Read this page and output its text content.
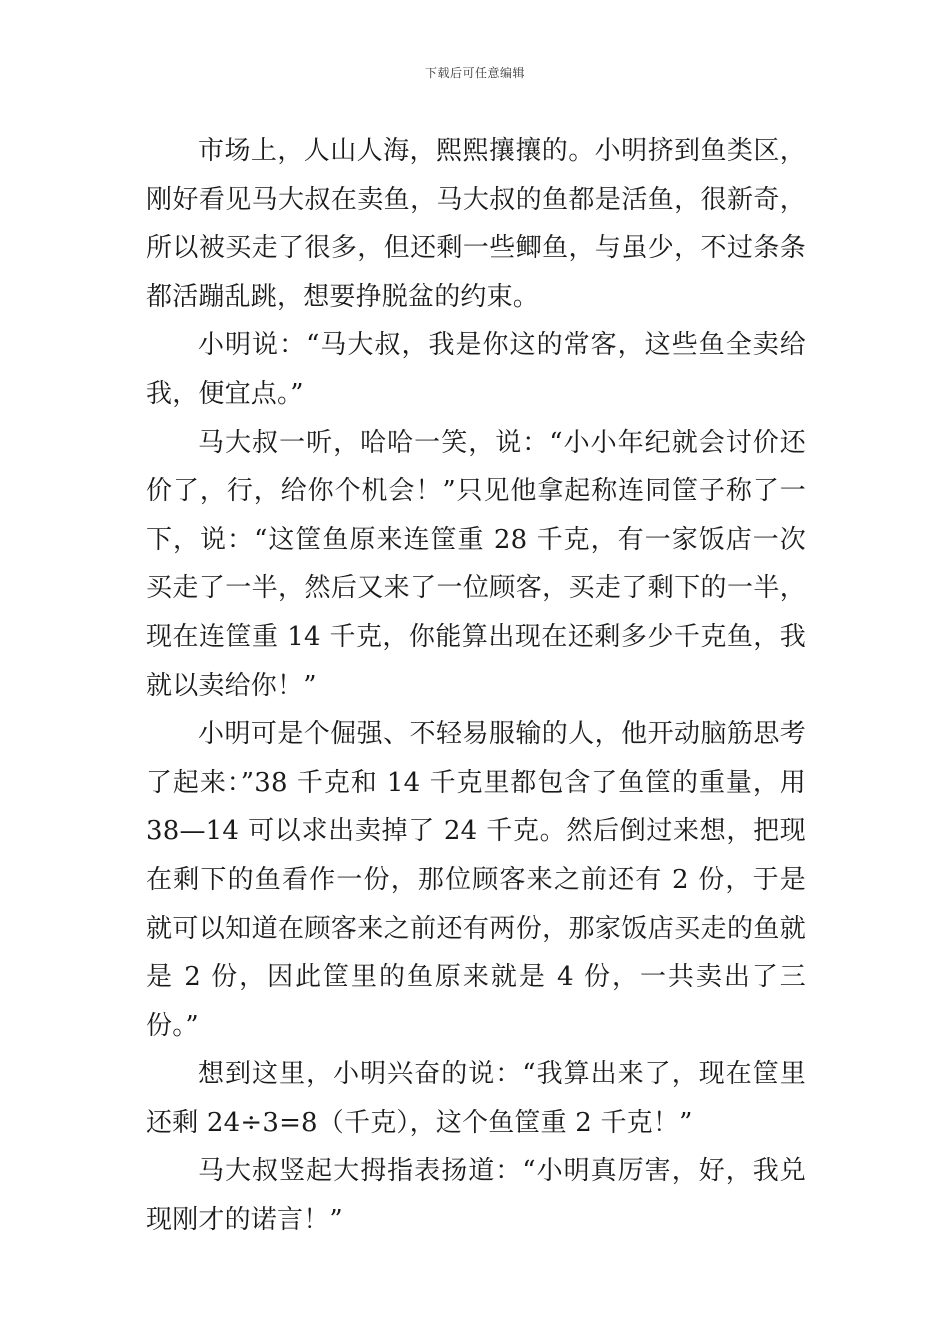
下载后可任意编辑

市场上，人山人海，熙熙攘攘的。小明挤到鱼类区，刚好看见马大叔在卖鱼，马大叔的鱼都是活鱼，很新奇，所以被买走了很多，但还剩一些鲫鱼，与虽少，不过条条都活蹦乱跳，想要挣脱盆的约束。

小明说：“马大叔，我是你这的常客，这些鱼全卖给我，便宜点。”

马大叔一听，哈哈一笑，说：“小小年纪就会讨价还价了，行，给你个机会！”只见他拿起称连同筐子称了一下，说：“这筐鱼原来连筐重 28 千克，有一家饭店一次买走了一半，然后又来了一位顾客，买走了剩下的一半，现在连筐重 14 千克，你能算出现在还剩多少千克鱼，我就以卖给你！”

小明可是个倔强、不轻易服输的人，他开动脑筋思考了起来：”38 千克和 14 千克里都包含了鱼筐的重量，用 38—14 可以求出卖掉了 24 千克。然后倒过来想，把现在剩下的鱼看作一份，那位顾客来之前还有 2 份，于是就可以知道在顾客来之前还有两份，那家饭店买走的鱼就是 2 份，因此筐里的鱼原来就是 4 份，一共卖出了三份。”

想到这里，小明兴奋的说：“我算出来了，现在筐里还剩 24÷3=8（千克），这个鱼筐重 2 千克！”

马大叔竖起大拇指表扬道：“小明真厉害，好，我兑现刚才的诺言！”
